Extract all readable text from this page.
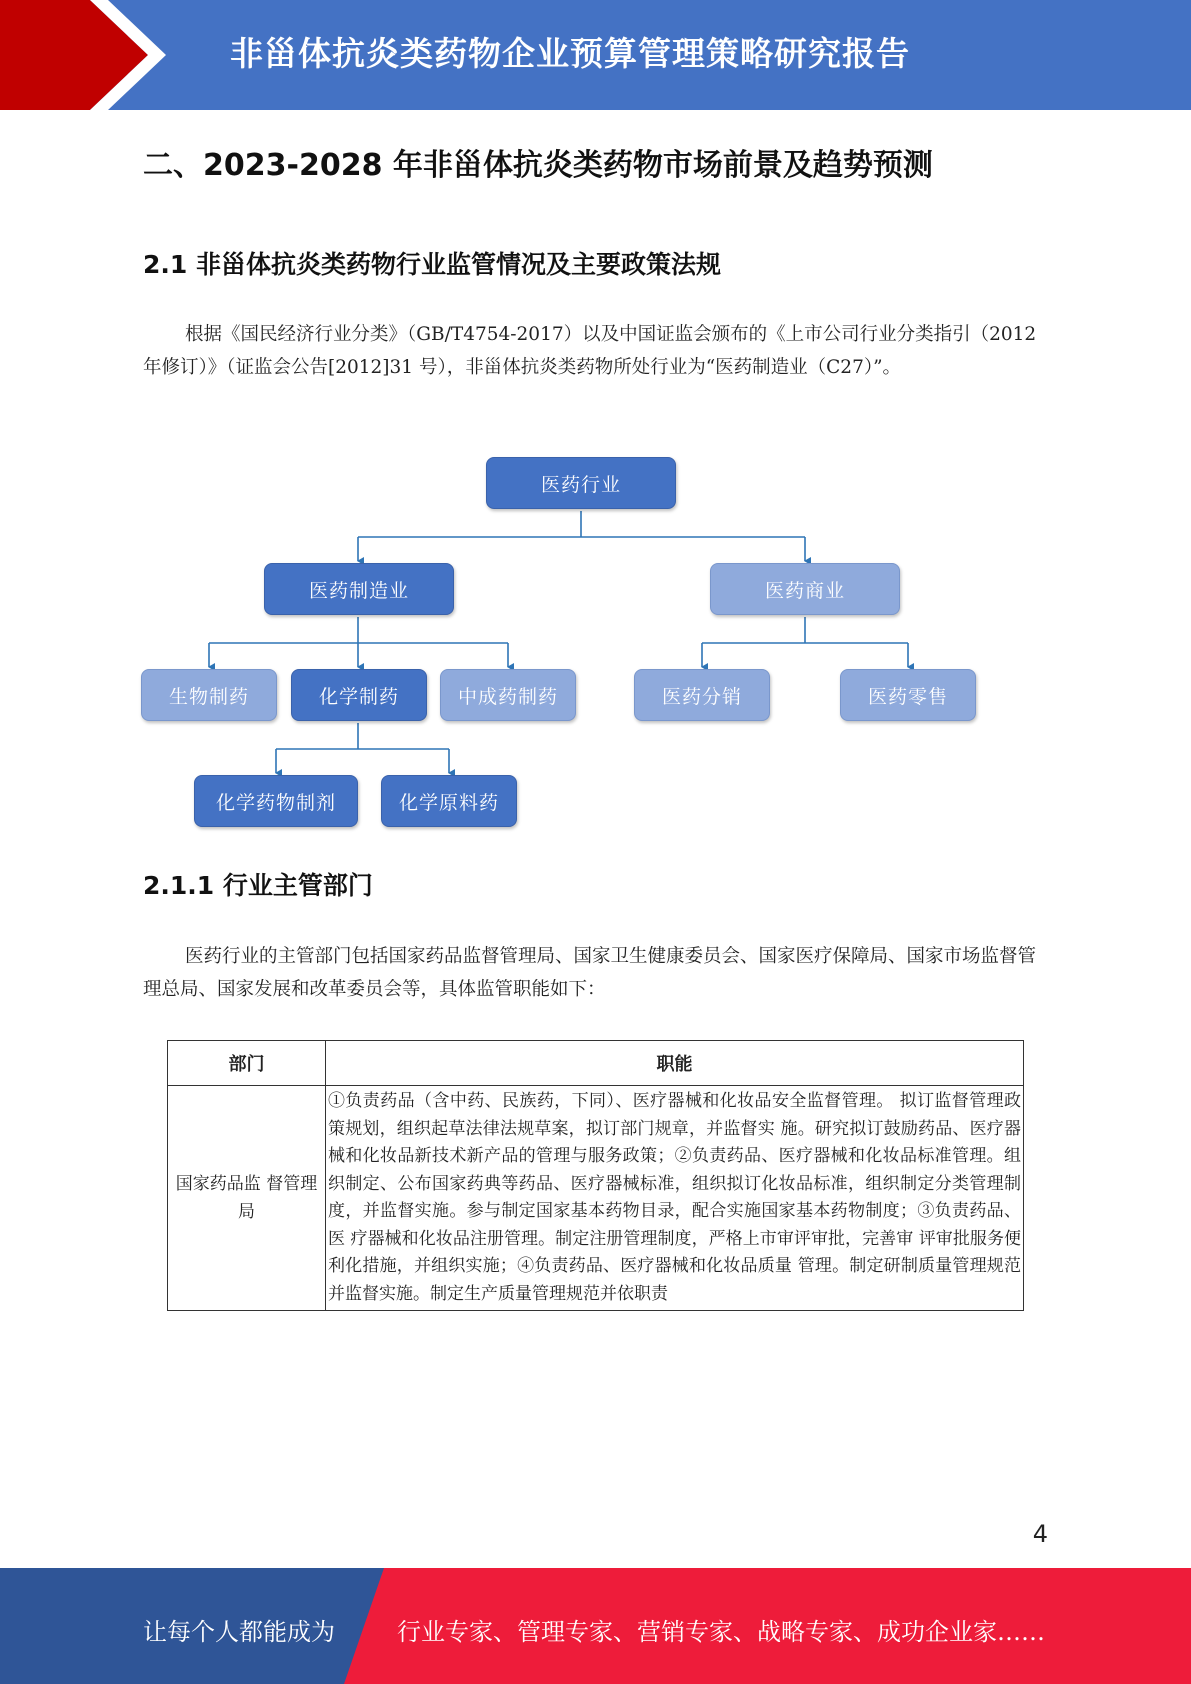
非甾体抗炎类药物企业预算管理策略研究报告
二、2023-2028 年非甾体抗炎类药物市场前景及趋势预测
2.1 非甾体抗炎类药物行业监管情况及主要政策法规

根据《国民经济行业分类》（GB/T4754-2017）以及中国证监会颁布的《上市公司行业分类指引（2012 年修订）》（证监会公告[2012]31 号），非甾体抗炎类药物所处行业为“医药制造业（C27）”。

医药行业
医药制造业	医药商业
生物制药	化学制药	中成药制药	医药分销	医药零售
化学药物制剂	化学原料药
2.1.1 行业主管部门

医药行业的主管部门包括国家药品监督管理局、国家卫生健康委员会、国家医疗保障局、国家市场监督管理总局、国家发展和改革委员会等，具体监管职能如下：

部门	职能
国家药品监 督管理局	①负责药品（含中药、民族药，下同）、医疗器械和化妆品安全监督管理。 拟订监督管理政策规划，组织起草法律法规草案，拟订部门规章，并监督实 施。研究拟订鼓励药品、医疗器械和化妆品新技术新产品的管理与服务政策；②负责药品、医疗器械和化妆品标准管理。组织制定、公布国家药典等药品、医疗器械标准，组织拟订化妆品标准，组织制定分类管理制度，并监督实施。参与制定国家基本药物目录，配合实施国家基本药物制度；③负责药品、医 疗器械和化妆品注册管理。制定注册管理制度，严格上市审评审批，完善审 评审批服务便利化措施，并组织实施；④负责药品、医疗器械和化妆品质量 管理。制定研制质量管理规范并监督实施。制定生产质量管理规范并依职责
4
让每个人都能成为	行业专家、管理专家、营销专家、战略专家、成功企业家……
